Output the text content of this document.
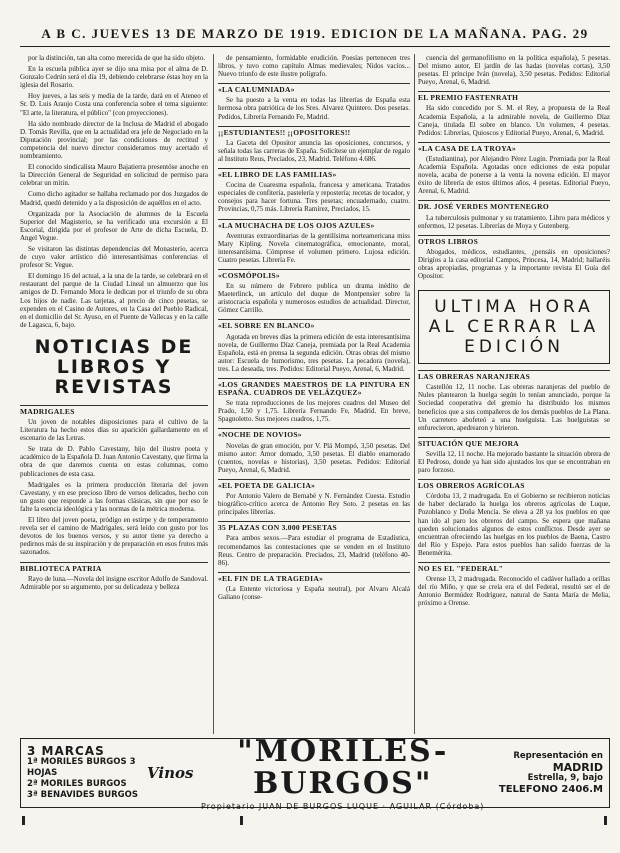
A B C. JUEVES 13 DE MARZO DE 1919. EDICION DE LA MAÑANA. PAG. 29

por la distinción, tan alta como merecida de que ha sido objeto.

En la escuela pública ayer se dijo una misa por el alma de D. Gonzalo Cedrún será el día 19, debiendo celebrarse éstas hoy en la iglesia del Rosario.

Hoy jueves, a las seis y media de la tarde, dará en el Ateneo el Sr. D. Luis Araujo Costa una conferencia sobre el tema siguiente: "El arte, la literatura, el público" (con proyecciones).

Ha sido nombrado director de la Inclusa de Madrid el abogado D. Tomás Revilla, que en la actualidad era jefe de Negociado en la Diputación provincial; por las condiciones de rectitud y competencia del nuevo director consideramos muy acertado el nombramiento.

El conocido sindicalista Mauro Bajatierra presentóse anoche en la Dirección General de Seguridad en solicitud de permiso para celebrar un mitin.

Como dicho agitador se hallaba reclamado por dos Juzgados de Madrid, quedó detenido y a la disposición de aquéllos en el acto.

Organizada por la Asociación de alumnos de la Escuela Superior del Magisterio, se ha verificado una excursión a El Escorial, dirigida por el profesor de Arte de dicha Escuela, D. Angel Vegue.

Se visitaron las distintas dependencias del Monasterio, acerca de cuyo valor artístico dió interesantísimas conferencias el profesor Sr. Vegue.

El domingo 16 del actual, a la una de la tarde, se celebrará en el restaurant del parque de la Ciudad Lineal un almuerzo que los amigos de D. Fernando Mora le dedican por el triunfo de su obra Los hijos de nadie. Las tarjetas, al precio de cinco pesetas, se expenden en el Casino de Autores, en la Casa del Pueblo Radical, en el domicilio del Sr. Ayuso, en el Puente de Vallecas y en la calle de Lagasca, 6, bajo.

NOTICIAS DE LIBROS Y REVISTAS
MADRIGALES

Un joven de notables disposiciones para el cultivo de la Literatura ha hecho estos días su aparición gallardamente en el escenario de las Letras.

Se trata de D. Pablo Cavestany, hijo del ilustre poeta y académico de la Española D. Juan Antonio Cavestany, que firma la obra de que daremos cuenta en estas columnas, como publicaciones de esta casa.

Madrigales es la primera producción literaria del joven Cavestany, y en ese precioso libro de versos delicados, hecho con un gusto que responde a las formas clásicas, sin que por eso le falte la esencia ideológica y las normas de la métrica moderna.

El libro del joven poeta, pródigo en estirpe y de temperamento revela ser el camino de Madrigales, será leído con gusto por los devotos de los buenos versos, y su autor tiene ya derecho a pedirnos más de su inspiración y de preparación en esos frutos más sazonados.

BIBLIOTECA PATRIA

Rayo de luna.—Novela del insigne escritor Adolfo de Sandoval. Admirable por su argumento, por su delicadeza y belleza

de pensamiento, formidable erudición. Poesías pertenecen tres libros, y tuvo como capítulo Almas medievales; Nidos vacíos... Nuevo triunfo de este ilustre polígrafo.

«LA CALUMNIADA»

Se ha puesto a la venta en todas las librerías de España esta hermosa obra patriótica de los Sres. Alvarez Quintero. Dos pesetas. Pedidos, Librería Fernando Fe, Madrid.

¡¡ESTUDIANTES!! ¡¡OPOSITORES!!

La Gaceta del Opositor anuncia las oposiciones, concursos, y señala todas las carreras de España. Solicítese un ejemplar de regalo al Instituto Reus, Preciados, 23, Madrid. Teléfono 4.686.

«EL LIBRO DE LAS FAMILIAS»

Cocina de Cuaresma española, francesa y americana. Tratados especiales de confitería, pastelería y repostería; recetas de tocador, y consejos para hacer fortuna. Tres pesetas; encuadernado, cuatro. Provincias, 0,75 más. Librería Ramírez, Preciados, 15.

«LA MUCHACHA DE LOS OJOS AZULES»

Aventuras extraordinarias de la gentilísima norteamericana miss Mary Kipling. Novela cinematográfica, emocionante, moral, interesantísima. Cómprese el volumen primero. Lujosa edición. Cuatro pesetas. Librería Fe.

«COSMÓPOLIS»

En su número de Febrero publica un drama inédito de Maeterlinck, un artículo del duque de Montpensier sobre la aristocracia española y numerosos estudios de actualidad. Director, Gómez Carrillo.

«EL SOBRE EN BLANCO»

Agotada en breves días la primera edición de esta interesantísima novela, de Guillermo Díaz Caneja, premiada por la Real Academia Española, está en prensa la segunda edición. Otras obras del mismo autor: Escuela de humorismo, tres pesetas. La pecadora (novela), tres. La deseada, tres. Pedidos: Editorial Pueyo, Arenal, 6, Madrid.

«LOS GRANDES MAESTROS DE LA PINTURA EN ESPAÑA. CUADROS DE VELÁZQUEZ»

Se trata reproducciones de los mejores cuadros del Museo del Prado, 1,50 y 1,75. Librería Fernando Fe, Madrid. En breve, Spagnoletto. Sus mejores cuadros, 1,75.

«NOCHE DE NOVIOS»

Novelas de gran emoción, por V. Plá Mompó, 3,50 pesetas. Del mismo autor: Amor domado, 3,50 pesetas. El diablo enamorado (cuentos, novelas e historias), 3,50 pesetas. Pedidos: Editorial Pueyo, Arenal, 6, Madrid.

«EL POETA DE GALICIA»

Por Antonio Valero de Bernabé y N. Fernández Cuesta. Estudio biográfico-crítico acerca de Antonio Rey Soto. 2 pesetas en las principales librerías.

35 PLAZAS CON 3.000 PESETAS

Para ambos sexos.—Para estudiar el programa de Estadística, recomendamos las contestaciones que se venden en el Instituto Reus. Centro de preparación. Preciados, 23, Madrid (teléfono 40-86).

«EL FIN DE LA TRAGEDIA»

(La Entente victoriosa y España neutral), por Alvaro Alcalá Galiano (conse-

cuencia del germanofilismo en la política española), 5 pesetas. Del mismo autor, El jardín de las hadas (novelas cortas), 3,50 pesetas. El príncipe Iván (novela), 3,50 pesetas. Pedidos: Editorial Pueyo, Arenal, 6, Madrid.

EL PREMIO FASTENRATH

Ha sido concedido por S. M. el Rey, a propuesta de la Real Academia Española, a la admirable novela, de Guillermo Díaz Caneja, titulada El sobre en blanco. Un volumen, 4 pesetas. Pedidos: Librerías, Quioscos y Editorial Pueyo, Arenal, 6, Madrid.

«LA CASA DE LA TROYA»

(Estudiantina), por Alejandro Pérez Lugín. Premiada por la Real Academia Española. Agotadas once ediciones de esta popular novela, acaba de ponerse a la venta la novena edición. El mayor éxito de librería de estos últimos años, 4 pesetas. Editorial Pueyo, Arenal, 6, Madrid.

DR. JOSÉ VERDES MONTENEGRO

La tuberculosis pulmonar y su tratamiento. Libro para médicos y enfermos, 12 pesetas. Librerías de Moya y Gutenberg.

OTROS LIBROS

Abogados, médicos, estudiantes, ¿pensáis en oposiciones? Dirigíos a la casa editorial Campos, Princesa, 14, Madrid; hallaréis obras apropiadas, programas y la importante revista El Guía del Opositor.

ULTIMA HORA AL CERRAR LA EDICIÓN
LAS OBRERAS NARANJERAS

Castellón 12, 11 noche. Las obreras naranjeras del pueblo de Nules plantearon la huelga según lo tenían anunciado, porque la Sociedad cooperativa del gremio ha distribuido los mismos beneficios que a sus compañeros de los demás pueblos de La Plana. Un carretero abofeteó a una huelguista. Las huelguistas se enfurecieron, apedrearon y hirieron.

SITUACIÓN QUE MEJORA

Sevilla 12, 11 noche. Ha mejorado bastante la situación obrera de El Pedroso, donde ya han sido ajustados los que se encontraban en paro forzoso.

LOS OBREROS AGRÍCOLAS

Córdoba 13, 2 madrugada. En el Gobierno se recibieron noticias de haber declarado la huelga los obreros agrícolas de Luque, Pozoblanco y Doña Mencía. Se eleva a 28 ya los pueblos en que han ido al paro los obreros del campo. Se espera que mañana queden solucionados algunos de estos conflictos. Desde ayer se encuentran ofreciendo las huelgas en los pueblos de Baena, Castro del Río y Espejo. Para estos pueblos han salido fuerzas de la Benemérita.

NO ES EL "FEDERAL"

Orense 13, 2 madrugada. Reconocido el cadáver hallado a orillas del río Miño, y que se creía era el del Federal, resultó ser el de Antonio Bermúdez Rodríguez, natural de Santa María de Melia, próximo a Orense.

3 MARCAS
1ª MORILES BURGOS 3 HOJAS
2ª MORILES BURGOS
3ª BENAVIDES BURGOS
Vinos
"MORILES-BURGOS"
Propietario JUAN DE BURGOS LUQUE · AGUILAR (Córdoba)
Representación en
MADRID
Estrella, 9, bajo
TELEFONO 2406.M
